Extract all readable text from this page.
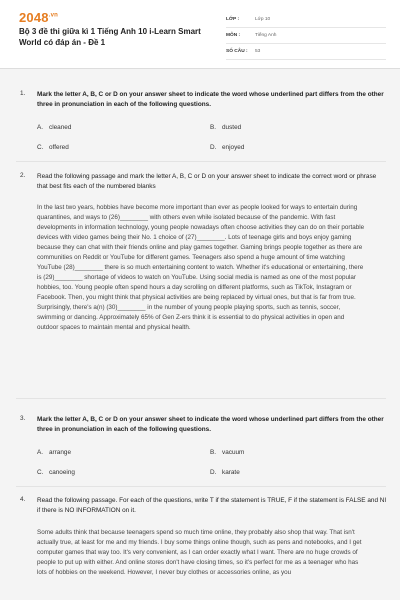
$2048^{.vn}$
Bộ 3 đề thi giữa kì 1 Tiếng Anh 10 i-Learn Smart World có đáp án - Đề 1
LỚP :	Lớp 10
MÔN :	Tiếng Anh
SỐ CÂU :	53
1. Mark the letter A, B, C or D on your answer sheet to indicate the word whose underlined part differs from the other three in pronunciation in each of the following questions.
A. cleaned	B. dusted
C. offered	D. enjoyed
2. Read the following passage and mark the letter A, B, C or D on your answer sheet to indicate the correct word or phrase that best fits each of the numbered blanks
In the last two years, hobbies have become more important than ever as people looked for ways to entertain during quarantines, and ways to (26)________ with others even while isolated because of the pandemic. With fast developments in information technology, young people nowadays often choose activities they can do on their portable devices with video games being their No. 1 choice of (27)________. Lots of teenage girls and boys enjoy gaming because they can chat with their friends online and play games together. Gaming brings people together as there are communities on Reddit or YouTube for different games. Teenagers also spend a huge amount of time watching YouTube (28)________ there is so much entertaining content to watch. Whether it's educational or entertaining, there is (29)________ shortage of videos to watch on YouTube. Using social media is named as one of the most popular hobbies, too. Young people often spend hours a day scrolling on different platforms, such as TikTok, Instagram or Facebook. Then, you might think that physical activities are being replaced by virtual ones, but that is far from true. Surprisingly, there's a(n) (30)________ in the number of young people playing sports, such as tennis, soccer, swimming or dancing. Approximately 65% of Gen Z-ers think it is essential to do physical activities in open and outdoor spaces to maintain mental and physical health.
3. Mark the letter A, B, C or D on your answer sheet to indicate the word whose underlined part differs from the other three in pronunciation in each of the following questions.
A. arrange	B. vacuum
C. canoeing	D. karate
4. Read the following passage. For each of the questions, write T if the statement is TRUE, F if the statement is FALSE and NI if there is NO INFORMATION on it.
Some adults think that because teenagers spend so much time online, they probably also shop that way. That isn't actually true, at least for me and my friends. I buy some things online though, such as pens and notebooks, and I get computer games that way too. It's very convenient, as I can order exactly what I want. There are no huge crowds of people to put up with either. And online stores don't have closing times, so it's perfect for me as a teenager who has lots of hobbies on the weekend. However, I never buy clothes or accessories online, as you
